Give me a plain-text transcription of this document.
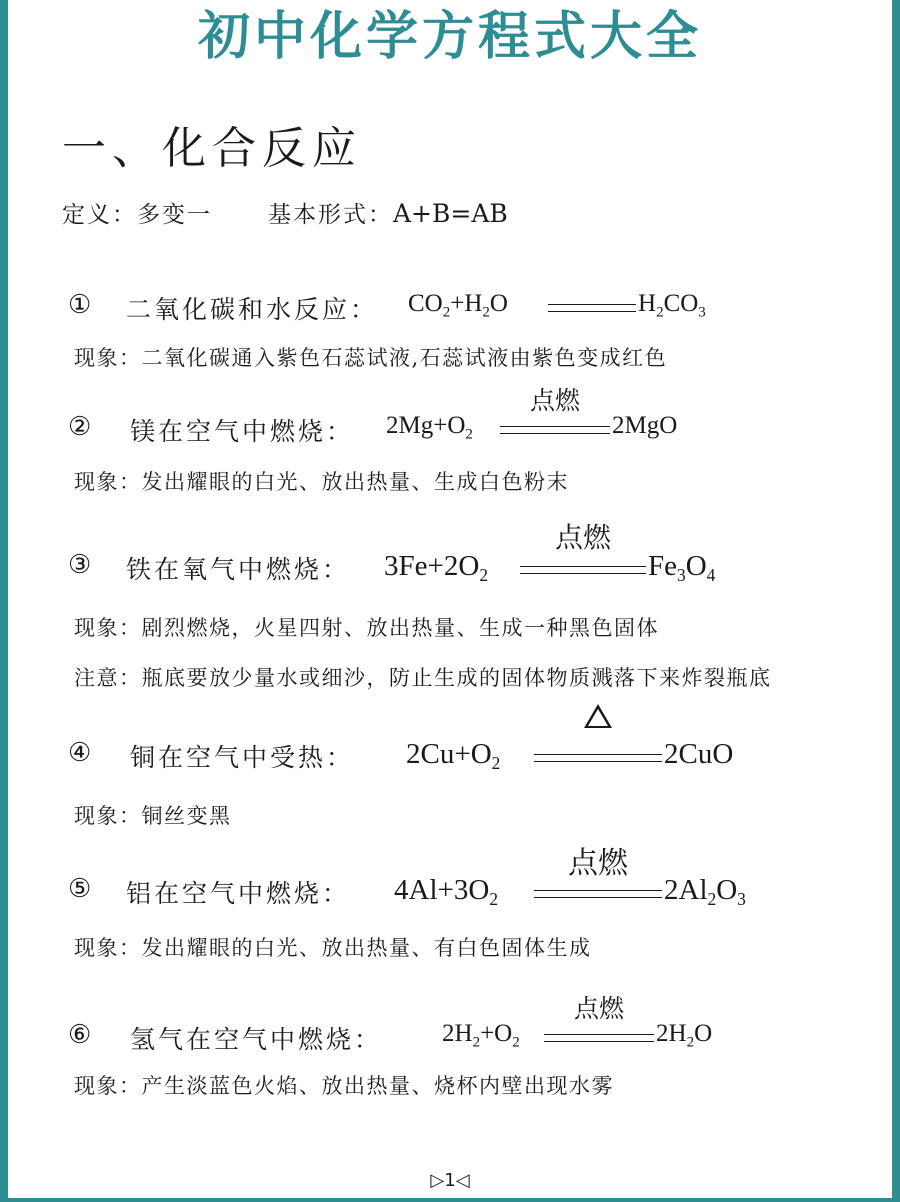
初中化学方程式大全
一、化合反应
定义：多变一 基本形式：A+B=AB
① 二氧化碳和水反应： $CO_2+H_2O$	$H_2CO_3$
现象：二氧化碳通入紫色石蕊试液,石蕊试液由紫色变成红色
② 镁在空气中燃烧： $2Mg+O_2$
点燃
2MgO
现象：发出耀眼的白光、放出热量、生成白色粉末
③ 铁在氧气中燃烧： $3Fe+2O_2$
点燃
$Fe_3O_4$
现象：剧烈燃烧，火星四射、放出热量、生成一种黑色固体
注意：瓶底要放少量水或细沙，防止生成的固体物质溅落下来炸裂瓶底
④ 铜在空气中受热： $2Cu+O_2$	2CuO
现象：铜丝变黑
⑤ 铝在空气中燃烧： $4Al+3O_2$
点燃
$2Al_2O_3$
现象：发出耀眼的白光、放出热量、有白色固体生成
⑥ 氢气在空气中燃烧： $2H_2+O_2$
点燃
$2H_2O$
现象：产生淡蓝色火焰、放出热量、烧杯内壁出现水雾
▷1◁
